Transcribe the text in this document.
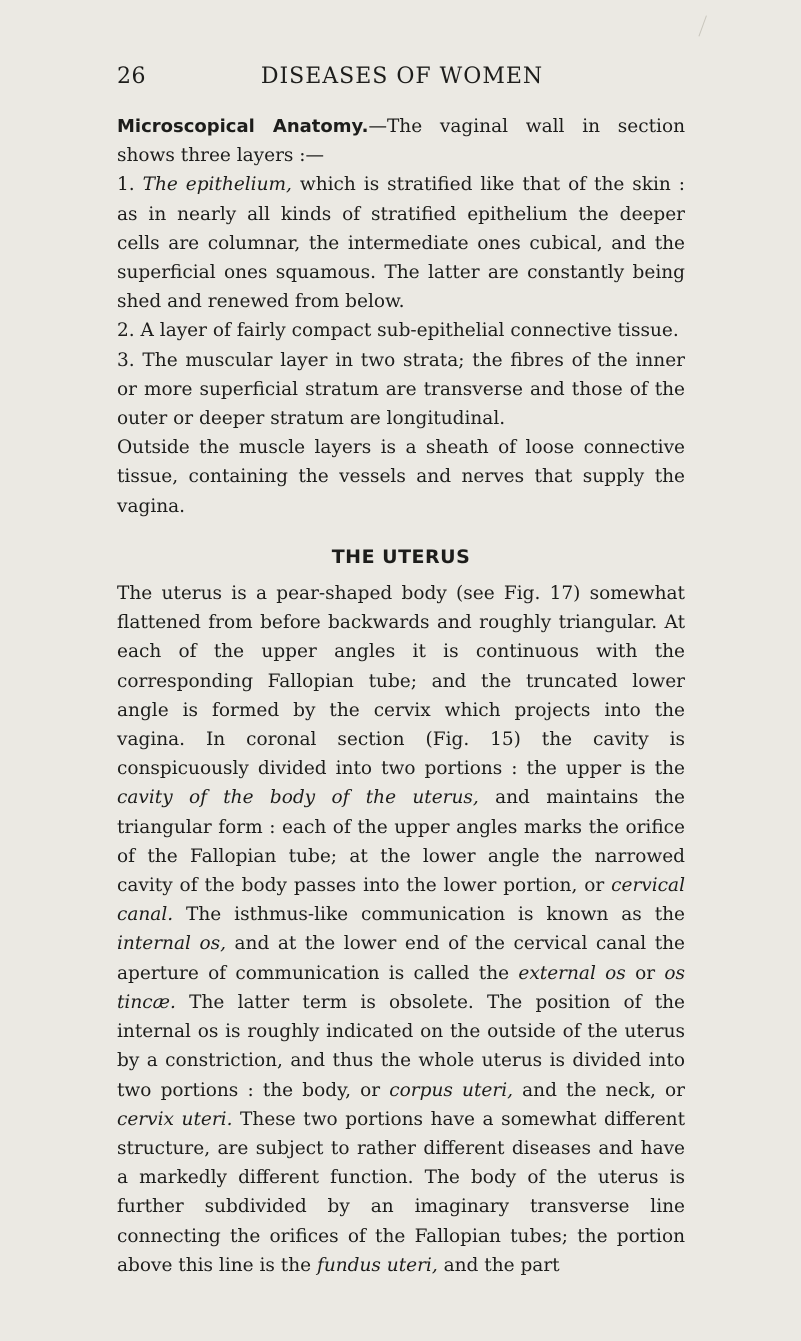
26	DISEASES OF WOMEN

Microscopical Anatomy.—The vaginal wall in section shows three layers :—

1. The epithelium, which is stratified like that of the skin : as in nearly all kinds of stratified epithelium the deeper cells are columnar, the intermediate ones cubical, and the superficial ones squamous. The latter are constantly being shed and renewed from below.

2. A layer of fairly compact sub-epithelial connective tissue.

3. The muscular layer in two strata; the fibres of the inner or more superficial stratum are transverse and those of the outer or deeper stratum are longitudinal.

Outside the muscle layers is a sheath of loose connective tissue, containing the vessels and nerves that supply the vagina.

THE UTERUS

The uterus is a pear-shaped body (see Fig. 17) somewhat flattened from before backwards and roughly triangular. At each of the upper angles it is continuous with the corresponding Fallopian tube; and the truncated lower angle is formed by the cervix which projects into the vagina. In coronal section (Fig. 15) the cavity is conspicuously divided into two portions : the upper is the cavity of the body of the uterus, and maintains the triangular form : each of the upper angles marks the orifice of the Fallopian tube; at the lower angle the narrowed cavity of the body passes into the lower portion, or cervical canal. The isthmus-like communication is known as the internal os, and at the lower end of the cervical canal the aperture of communication is called the external os or os tincæ. The latter term is obsolete. The position of the internal os is roughly indicated on the outside of the uterus by a constriction, and thus the whole uterus is divided into two portions : the body, or corpus uteri, and the neck, or cervix uteri. These two portions have a somewhat different structure, are subject to rather different diseases and have a markedly different function. The body of the uterus is further subdivided by an imaginary transverse line connecting the orifices of the Fallopian tubes; the portion above this line is the fundus uteri, and the part
